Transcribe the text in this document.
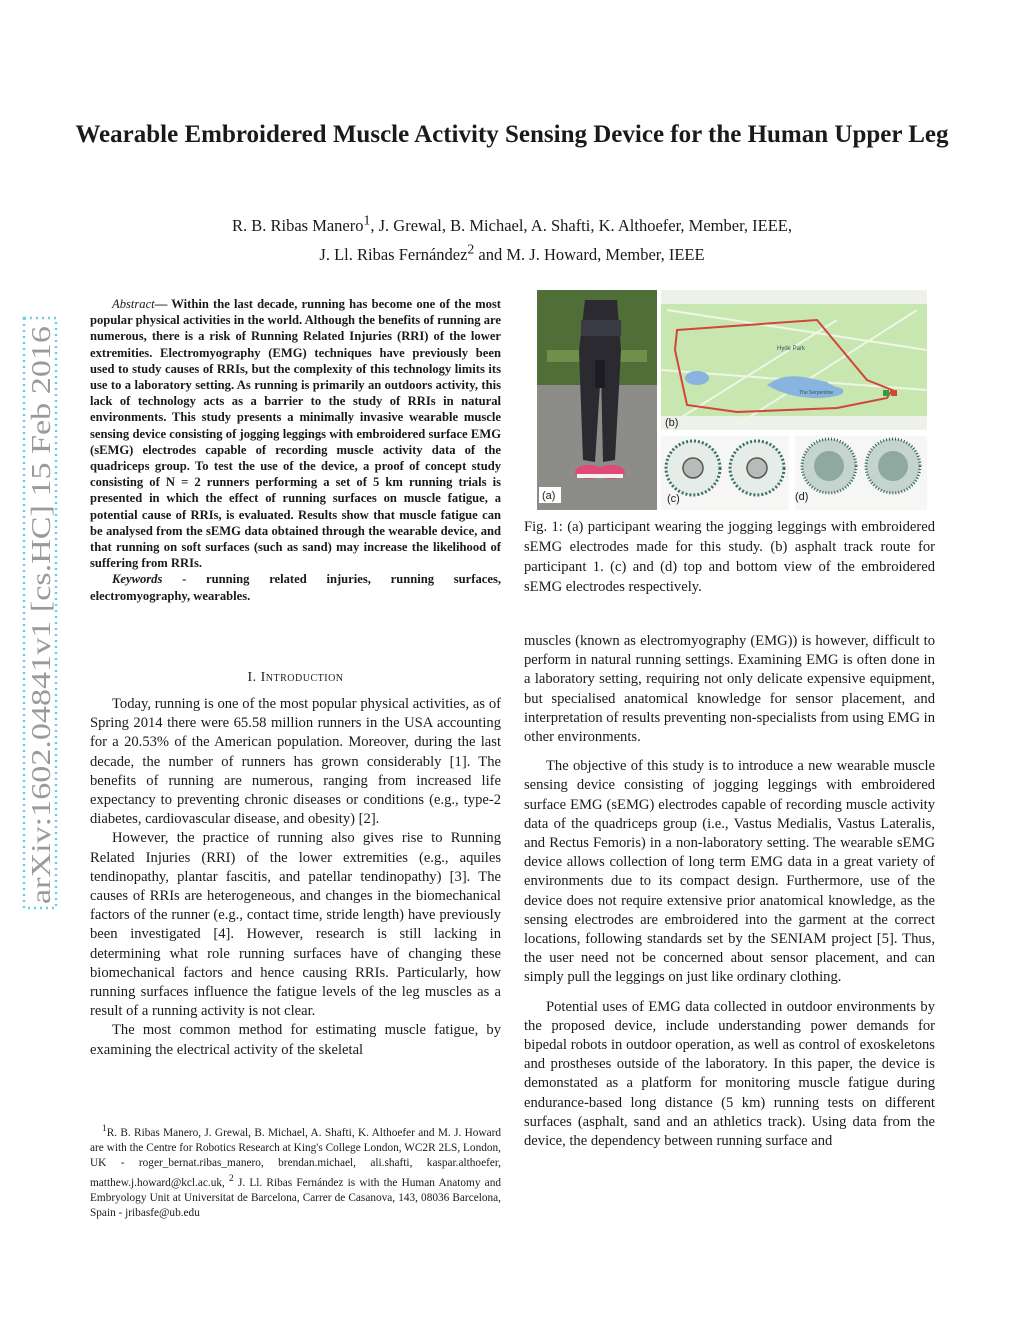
Wearable Embroidered Muscle Activity Sensing Device for the Human Upper Leg
R. B. Ribas Manero$^1$, J. Grewal, B. Michael, A. Shafti, K. Althoefer, Member, IEEE,
J. Ll. Ribas Fernández$^2$ and M. J. Howard, Member, IEEE
arXiv:1602.04841v1 [cs.HC] 15 Feb 2016

Abstract— Within the last decade, running has become one of the most popular physical activities in the world. Although the benefits of running are numerous, there is a risk of Running Related Injuries (RRI) of the lower extremities. Electromyography (EMG) techniques have previously been used to study causes of RRIs, but the complexity of this technology limits its use to a laboratory setting. As running is primarily an outdoors activity, this lack of technology acts as a barrier to the study of RRIs in natural environments. This study presents a minimally invasive wearable muscle sensing device consisting of jogging leggings with embroidered surface EMG (sEMG) electrodes capable of recording muscle activity data of the quadriceps group. To test the use of the device, a proof of concept study consisting of N = 2 runners performing a set of 5 km running trials is presented in which the effect of running surfaces on muscle fatigue, a potential cause of RRIs, is evaluated. Results show that muscle fatigue can be analysed from the sEMG data obtained through the wearable device, and that running on soft surfaces (such as sand) may increase the likelihood of suffering from RRIs.

Keywords - running related injuries, running surfaces, electromyography, wearables.

I. Introduction

Today, running is one of the most popular physical activities, as of Spring 2014 there were 65.58 million runners in the USA accounting for a 20.53% of the American population. Moreover, during the last decade, the number of runners has grown considerably [1]. The benefits of running are numerous, ranging from increased life expectancy to preventing chronic diseases or conditions (e.g., type-2 diabetes, cardiovascular disease, and obesity) [2].

However, the practice of running also gives rise to Running Related Injuries (RRI) of the lower extremities (e.g., aquiles tendinopathy, plantar fascitis, and patellar tendinopathy) [3]. The causes of RRIs are heterogeneous, and changes in the biomechanical factors of the runner (e.g., contact time, stride length) have previously been investigated [4]. However, research is still lacking in determining what role running surfaces have of changing these biomechanical factors and hence causing RRIs. Particularly, how running surfaces influence the fatigue levels of the leg muscles as a result of a running activity is not clear.

The most common method for estimating muscle fatigue, by examining the electrical activity of the skeletal

$^1$R. B. Ribas Manero, J. Grewal, B. Michael, A. Shafti, K. Althoefer and M. J. Howard are with the Centre for Robotics Research at King's College London, WC2R 2LS, London, UK - roger_bernat.ribas_manero, brendan.michael, ali.shafti, kaspar.althoefer, matthew.j.howard@kcl.ac.uk, $^2$ J. Ll. Ribas Fernández is with the Human Anatomy and Embryology Unit at Universitat de Barcelona, Carrer de Casanova, 143, 08036 Barcelona, Spain - jribasfe@ub.edu

(a)
The Serpentine
Hyde Park
(b)
(c)	(d)
Fig. 1: (a) participant wearing the jogging leggings with embroidered sEMG electrodes made for this study. (b) asphalt track route for participant 1. (c) and (d) top and bottom view of the embroidered sEMG electrodes respectively.

muscles (known as electromyography (EMG)) is however, difficult to perform in natural running settings. Examining EMG is often done in a laboratory setting, requiring not only delicate expensive equipment, but specialised anatomical knowledge for sensor placement, and interpretation of results preventing non-specialists from using EMG in other environments.

The objective of this study is to introduce a new wearable muscle sensing device consisting of jogging leggings with embroidered surface EMG (sEMG) electrodes capable of recording muscle activity data of the quadriceps group (i.e., Vastus Medialis, Vastus Lateralis, and Rectus Femoris) in a non-laboratory setting. The wearable sEMG device allows collection of long term EMG data in a great variety of environments due to its compact design. Furthermore, use of the device does not require extensive prior anatomical knowledge, as the sensing electrodes are embroidered into the garment at the correct locations, following standards set by the SENIAM project [5]. Thus, the user need not be concerned about sensor placement, and can simply pull the leggings on just like ordinary clothing.

Potential uses of EMG data collected in outdoor environments by the proposed device, include understanding power demands for bipedal robots in outdoor operation, as well as control of exoskeletons and prostheses outside of the laboratory. In this paper, the device is demonstated as a platform for monitoring muscle fatigue during endurance-based long distance (5 km) running tests on different surfaces (asphalt, sand and an athletics track). Using data from the device, the dependency between running surface and
